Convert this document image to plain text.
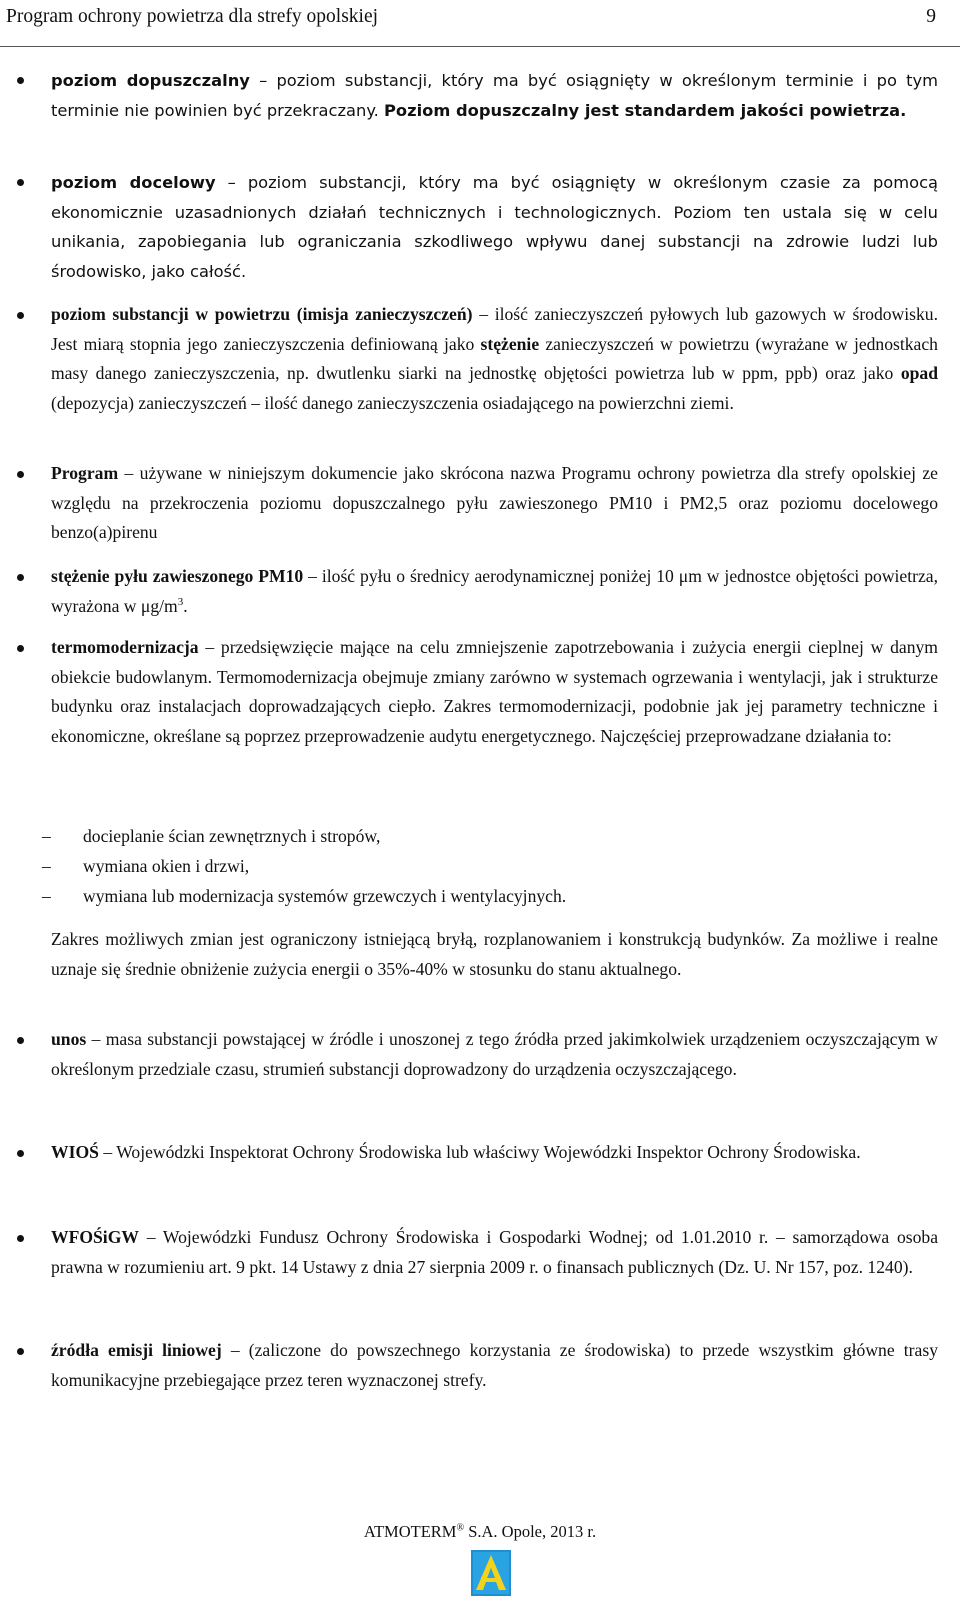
Program ochrony powietrza dla strefy opolskiej	9
poziom dopuszczalny – poziom substancji, który ma być osiągnięty w określonym terminie i po tym terminie nie powinien być przekraczany. Poziom dopuszczalny jest standardem jakości powietrza.
poziom docelowy – poziom substancji, który ma być osiągnięty w określonym czasie za pomocą ekonomicznie uzasadnionych działań technicznych i technologicznych. Poziom ten ustala się w celu unikania, zapobiegania lub ograniczania szkodliwego wpływu danej substancji na zdrowie ludzi lub środowisko, jako całość.
poziom substancji w powietrzu (imisja zanieczyszczeń) – ilość zanieczyszczeń pyłowych lub gazowych w środowisku. Jest miarą stopnia jego zanieczyszczenia definiowaną jako stężenie zanieczyszczeń w powietrzu (wyrażane w jednostkach masy danego zanieczyszczenia, np. dwutlenku siarki na jednostkę objętości powietrza lub w ppm, ppb) oraz jako opad (depozycja) zanieczyszczeń – ilość danego zanieczyszczenia osiadającego na powierzchni ziemi.
Program – używane w niniejszym dokumencie jako skrócona nazwa Programu ochrony powietrza dla strefy opolskiej ze względu na przekroczenia poziomu dopuszczalnego pyłu zawieszonego PM10 i PM2,5 oraz poziomu docelowego benzo(a)pirenu
stężenie pyłu zawieszonego PM10 – ilość pyłu o średnicy aerodynamicznej poniżej 10 μm w jednostce objętości powietrza, wyrażona w $\mu g/m^3$.
termomodernizacja – przedsięwzięcie mające na celu zmniejszenie zapotrzebowania i zużycia energii cieplnej w danym obiekcie budowlanym. Termomodernizacja obejmuje zmiany zarówno w systemach ogrzewania i wentylacji, jak i strukturze budynku oraz instalacjach doprowadzających ciepło. Zakres termomodernizacji, podobnie jak jej parametry techniczne i ekonomiczne, określane są poprzez przeprowadzenie audytu energetycznego. Najczęściej przeprowadzane działania to:
– docieplanie ścian zewnętrznych i stropów,
– wymiana okien i drzwi,
– wymiana lub modernizacja systemów grzewczych i wentylacyjnych.
Zakres możliwych zmian jest ograniczony istniejącą bryłą, rozplanowaniem i konstrukcją budynków. Za możliwe i realne uznaje się średnie obniżenie zużycia energii o 35%-40% w stosunku do stanu aktualnego.
unos – masa substancji powstającej w źródle i unoszonej z tego źródła przed jakimkolwiek urządzeniem oczyszczającym w określonym przedziale czasu, strumień substancji doprowadzony do urządzenia oczyszczającego.
WIOŚ – Wojewódzki Inspektorat Ochrony Środowiska lub właściwy Wojewódzki Inspektor Ochrony Środowiska.
WFOŚiGW – Wojewódzki Fundusz Ochrony Środowiska i Gospodarki Wodnej; od 1.01.2010 r. – samorządowa osoba prawna w rozumieniu art. 9 pkt. 14 Ustawy z dnia 27 sierpnia 2009 r. o finansach publicznych (Dz. U. Nr 157, poz. 1240).
źródła emisji liniowej – (zaliczone do powszechnego korzystania ze środowiska) to przede wszystkim główne trasy komunikacyjne przebiegające przez teren wyznaczonej strefy.
ATMOTERM® S.A. Opole, 2013 r.
